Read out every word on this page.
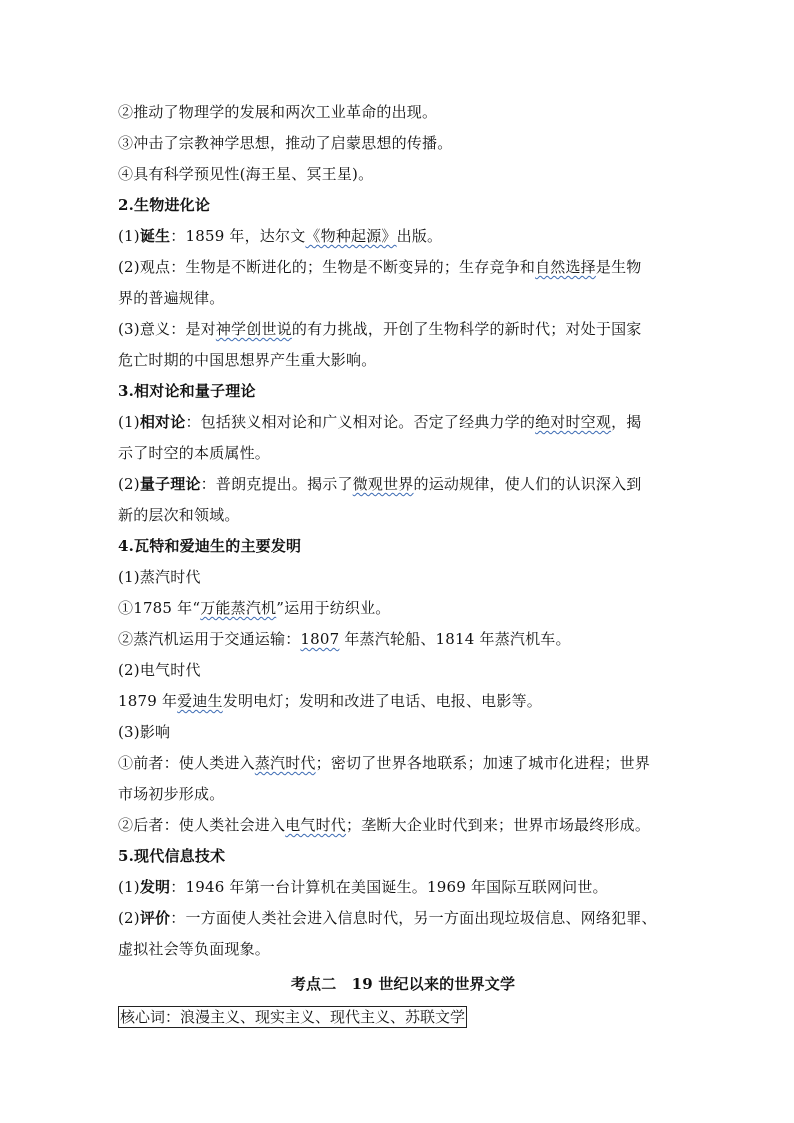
②推动了物理学的发展和两次工业革命的出现。
③冲击了宗教神学思想，推动了启蒙思想的传播。
④具有科学预见性(海王星、冥王星)。
2.生物进化论
(1)诞生：1859 年，达尔文《物种起源》出版。
(2)观点：生物是不断进化的；生物是不断变异的；生存竞争和自然选择是生物
界的普遍规律。
(3)意义：是对神学创世说的有力挑战，开创了生物科学的新时代；对处于国家
危亡时期的中国思想界产生重大影响。
3.相对论和量子理论
(1)相对论：包括狭义相对论和广义相对论。否定了经典力学的绝对时空观，揭
示了时空的本质属性。
(2)量子理论：普朗克提出。揭示了微观世界的运动规律，使人们的认识深入到
新的层次和领域。
4.瓦特和爱迪生的主要发明
(1)蒸汽时代
①1785 年“万能蒸汽机”运用于纺织业。
②蒸汽机运用于交通运输：1807 年蒸汽轮船、1814 年蒸汽机车。
(2)电气时代
1879 年爱迪生发明电灯；发明和改进了电话、电报、电影等。
(3)影响
①前者：使人类进入蒸汽时代；密切了世界各地联系；加速了城市化进程；世界
市场初步形成。
②后者：使人类社会进入电气时代；垄断大企业时代到来；世界市场最终形成。
5.现代信息技术
(1)发明：1946 年第一台计算机在美国诞生。1969 年国际互联网问世。
(2)评价：一方面使人类社会进入信息时代，另一方面出现垃圾信息、网络犯罪、
虚拟社会等负面现象。
考点二　19 世纪以来的世界文学
核心词：浪漫主义、现实主义、现代主义、苏联文学
